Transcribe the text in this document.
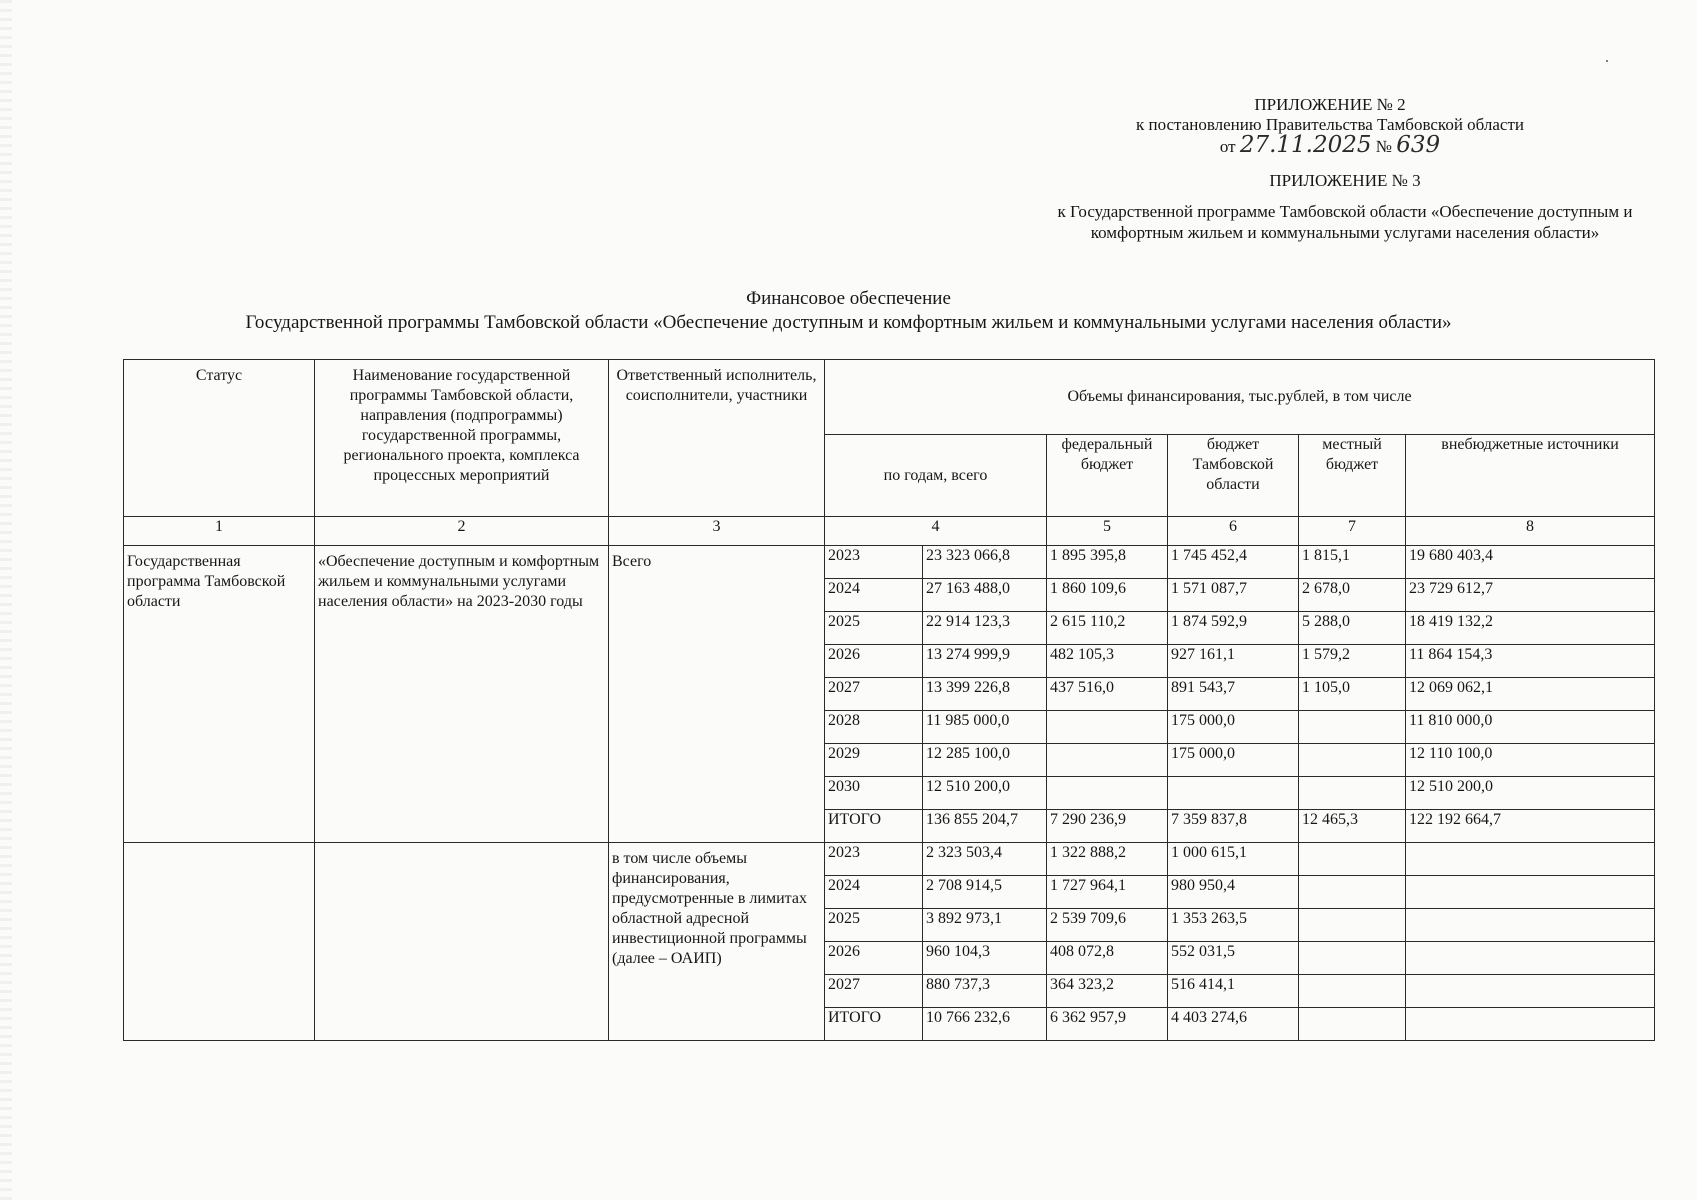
ПРИЛОЖЕНИЕ № 2
к постановлению Правительства Тамбовской области
от 27.11.2025 № 639
ПРИЛОЖЕНИЕ № 3
к Государственной программе Тамбовской области «Обеспечение доступным и комфортным жильем и коммунальными услугами населения области»
Финансовое обеспечение
Государственной программы Тамбовской области «Обеспечение доступным и комфортным жильем и коммунальными услугами населения области»
Статус	Наименование государственной программы Тамбовской области, направления (подпрограммы) государственной программы, регионального проекта, комплекса процессных мероприятий	Ответственный исполнитель, соисполнители, участники	Объемы финансирования, тыс.рублей, в том числе					
			по годам, всего		федеральный бюджет	бюджет Тамбовской области	местный бюджет	внебюджетные источники
1	2	3	4		5	6	7	8
Государственная программа Тамбовской области	«Обеспечение доступным и комфортным жильем и коммунальными услугами населения области» на 2023-2030 годы	Всего	2023	23 323 066,8	1 895 395,8	1 745 452,4	1 815,1	19 680 403,4
			2024	27 163 488,0	1 860 109,6	1 571 087,7	2 678,0	23 729 612,7
			2025	22 914 123,3	2 615 110,2	1 874 592,9	5 288,0	18 419 132,2
			2026	13 274 999,9	482 105,3	927 161,1	1 579,2	11 864 154,3
			2027	13 399 226,8	437 516,0	891 543,7	1 105,0	12 069 062,1
			2028	11 985 000,0		175 000,0		11 810 000,0
			2029	12 285 100,0		175 000,0		12 110 100,0
			2030	12 510 200,0				12 510 200,0
			ИТОГО	136 855 204,7	7 290 236,9	7 359 837,8	12 465,3	122 192 664,7
		в том числе объемы финансирования, предусмотренные в лимитах областной адресной инвестиционной программы (далее – ОАИП)	2023	2 323 503,4	1 322 888,2	1 000 615,1		
			2024	2 708 914,5	1 727 964,1	980 950,4		
			2025	3 892 973,1	2 539 709,6	1 353 263,5		
			2026	960 104,3	408 072,8	552 031,5		
			2027	880 737,3	364 323,2	516 414,1		
			ИТОГО	10 766 232,6	6 362 957,9	4 403 274,6		
